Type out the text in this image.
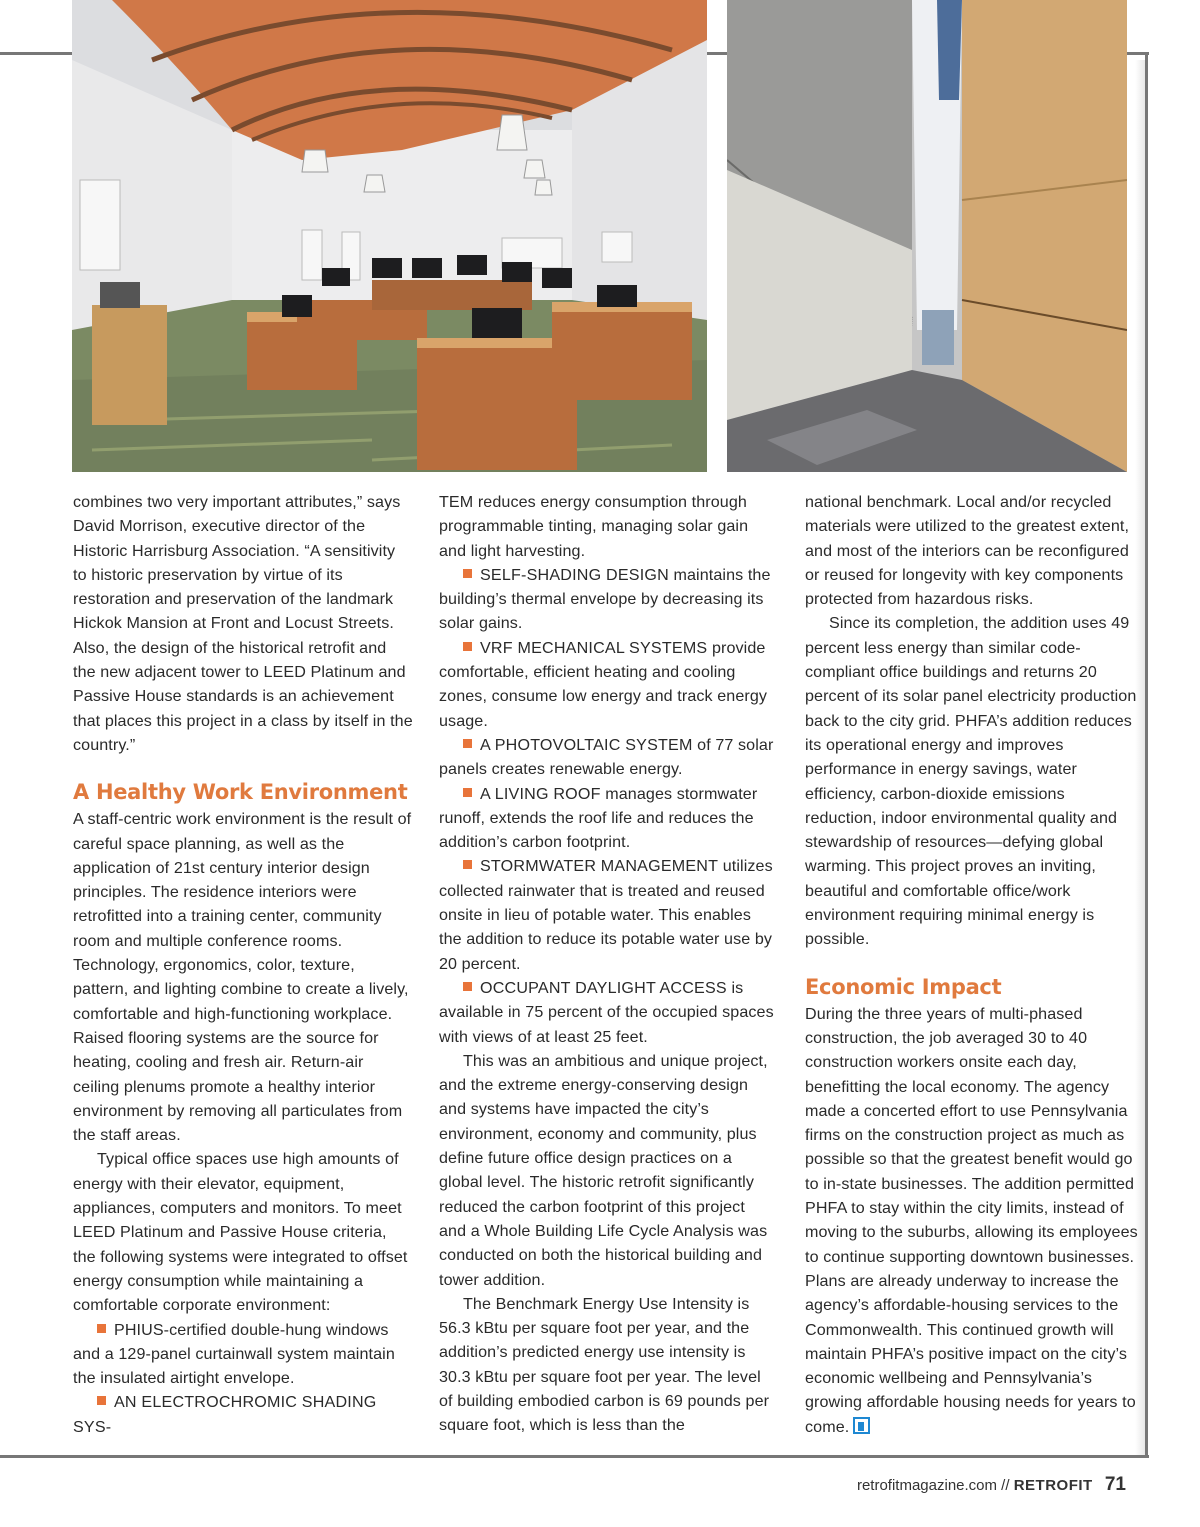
combines two very important attributes,” says David Morrison, executive director of the Historic Harrisburg Association. “A sensitivity to historic preservation by virtue of its restoration and preservation of the landmark Hickok Mansion at Front and Locust Streets. Also, the design of the historical retrofit and the new adjacent tower to LEED Platinum and Passive House standards is an achievement that places this project in a class by itself in the country.”

A Healthy Work Environment

A staff-centric work environment is the result of careful space planning, as well as the application of 21st century interior design principles. The residence interiors were retrofitted into a training center, community room and multiple conference rooms. Technology, ergonomics, color, texture, pattern, and lighting combine to create a lively, comfortable and high-functioning workplace. Raised flooring systems are the source for heating, cooling and fresh air. Return-air ceiling plenums promote a healthy interior environment by removing all particulates from the staff areas.

Typical office spaces use high amounts of energy with their elevator, equipment, appliances, computers and monitors. To meet LEED Platinum and Passive House criteria, the following systems were integrated to offset energy consumption while maintaining a comfortable corporate environment:

PHIUS-certified double-hung windows and a 129-panel curtainwall system maintain the insulated airtight envelope.

AN ELECTROCHROMIC SHADING SYS-

TEM reduces energy consumption through programmable tinting, managing solar gain and light harvesting.

SELF-SHADING DESIGN maintains the building’s thermal envelope by decreasing its solar gains.

VRF MECHANICAL SYSTEMS provide comfortable, efficient heating and cooling zones, consume low energy and track energy usage.

A PHOTOVOLTAIC SYSTEM of 77 solar panels creates renewable energy.

A LIVING ROOF manages stormwater runoff, extends the roof life and reduces the addition’s carbon footprint.

STORMWATER MANAGEMENT utilizes collected rainwater that is treated and reused onsite in lieu of potable water. This enables the addition to reduce its potable water use by 20 percent.

OCCUPANT DAYLIGHT ACCESS is available in 75 percent of the occupied spaces with views of at least 25 feet.

This was an ambitious and unique project, and the extreme energy-conserving design and systems have impacted the city’s environment, economy and community, plus define future office design practices on a global level. The historic retrofit significantly reduced the carbon footprint of this project and a Whole Building Life Cycle Analysis was conducted on both the historical building and tower addition.

The Benchmark Energy Use Intensity is 56.3 kBtu per square foot per year, and the addition’s predicted energy use intensity is 30.3 kBtu per square foot per year. The level of building embodied carbon is 69 pounds per square foot, which is less than the

national benchmark. Local and/or recycled materials were utilized to the greatest extent, and most of the interiors can be reconfigured or reused for longevity with key components protected from hazardous risks.

Since its completion, the addition uses 49 percent less energy than similar code-compliant office buildings and returns 20 percent of its solar panel electricity production back to the city grid. PHFA’s addition reduces its operational energy and improves performance in energy savings, water efficiency, carbon-dioxide emissions reduction, indoor environmental quality and stewardship of resources—defying global warming. This project proves an inviting, beautiful and comfortable office/work environment requiring minimal energy is possible.

Economic Impact

During the three years of multi-phased construction, the job averaged 30 to 40 construction workers onsite each day, benefitting the local economy. The agency made a concerted effort to use Pennsylvania firms on the construction project as much as possible so that the greatest benefit would go to in-state businesses. The addition permitted PHFA to stay within the city limits, instead of moving to the suburbs, allowing its employees to continue supporting downtown businesses. Plans are already underway to increase the agency’s affordable-housing services to the Commonwealth. This continued growth will maintain PHFA’s positive impact on the city’s economic wellbeing and Pennsylvania’s growing affordable housing needs for years to come.

retrofitmagazine.com // RETROFIT 71
